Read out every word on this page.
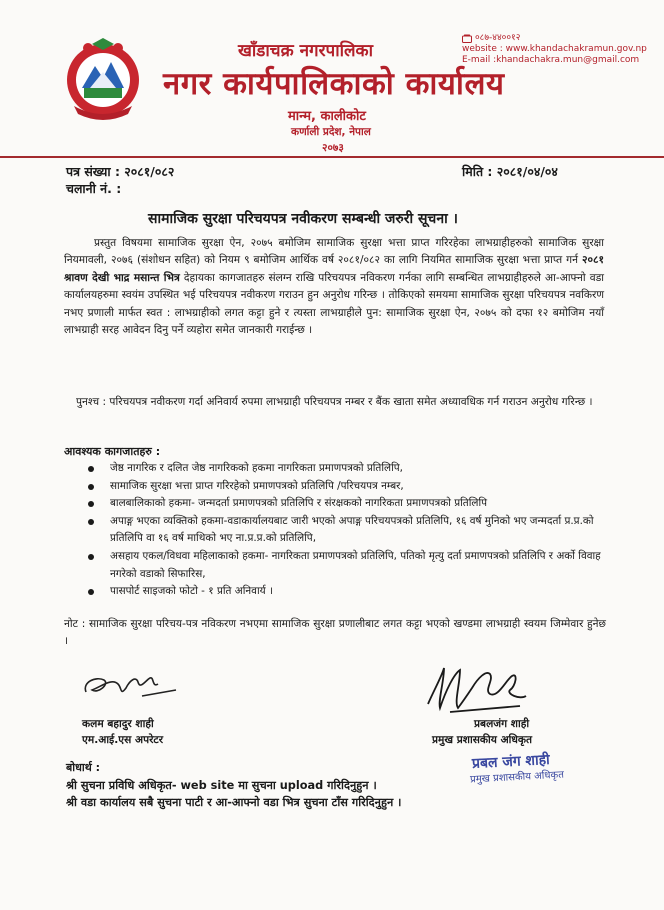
खाँडाचक्र नगरपालिका
नगर कार्यपालिकाको कार्यालय
मान्म, कालीकोट
कर्णाली प्रदेश, नेपाल
२०७३
०८७-४४००१२
website : www.khandachakramun.gov.np
E-mail :khandachakra.mun@gmail.com
पत्र संख्या : २०८१/०८२
चलानी नं. :
मिति : २०८१/०४/०४
सामाजिक सुरक्षा परिचयपत्र नवीकरण सम्बन्धी जरुरी सूचना ।
प्रस्तुत विषयमा सामाजिक सुरक्षा ऐन, २०७५ बमोजिम सामाजिक सुरक्षा भत्ता प्राप्त गरिरहेका लाभग्राहीहरुको सामाजिक सुरक्षा नियमावली, २०७६ (संशोधन सहित) को नियम ९ बमोजिम आर्थिक वर्ष २०८१/०८२ का लागि नियमित सामाजिक सुरक्षा भत्ता प्राप्त गर्न २०८१ श्रावण देखी भाद्र मसान्त भित्र देहायका कागजातहरु संलग्न राखि परिचयपत्र नविकरण गर्नका लागि सम्बन्धित लाभग्राहीहरुले आ-आफ्नो वडा कार्यालयहरुमा स्वयंम उपस्थित भई परिचयपत्र नवीकरण गराउन हुन अनुरोध गरिन्छ । तोकिएको समयमा सामाजिक सुरक्षा परिचयपत्र नवकिरण नभए प्रणाली मार्फत स्वत : लाभग्राहीको लगत कट्टा हुने र त्यस्ता लाभग्राहीले पुन: सामाजिक सुरक्षा ऐन, २०७५ को दफा १२ बमोजिम नयाँ लाभग्राही सरह आवेदन दिनु पर्ने व्यहोरा समेत जानकारी गराईन्छ ।
पुनश्च : परिचयपत्र नवीकरण गर्दा अनिवार्य रुपमा लाभग्राही परिचयपत्र नम्बर र बैंक खाता समेत अध्यावधिक गर्न गराउन अनुरोध गरिन्छ ।
आवश्यक कागजातहरु :
जेष्ठ नागरिक र दलित जेष्ठ नागरिकको हकमा नागरिकता प्रमाणपत्रको प्रतिलिपि,
सामाजिक सुरक्षा भत्ता प्राप्त गरिरहेको प्रमाणपत्रको प्रतिलिपि /परिचयपत्र नम्बर,
बालबालिकाको हकमा- जन्मदर्ता प्रमाणपत्रको प्रतिलिपि र संरक्षकको नागरिकता प्रमाणपत्रको प्रतिलिपि
अपाङ्ग भएका व्यक्तिको हकमा-वडाकार्यालयबाट जारी भएको अपाङ्ग परिचयपत्रको प्रतिलिपि, १६ वर्ष मुनिको भए जन्मदर्ता प्र.प्र.को प्रतिलिपि वा १६ वर्ष माथिको भए ना.प्र.प्र.को प्रतिलिपि,
असहाय एकल/विधवा महिलाकाको हकमा- नागरिकता प्रमाणपत्रको प्रतिलिपि, पतिको मृत्यु दर्ता प्रमाणपत्रको प्रतिलिपि र अर्को विवाह नगरेको वडाको सिफारिस,
पासपोर्ट साइजको फोटो - १ प्रति अनिवार्य ।
नोट : सामाजिक सुरक्षा परिचय-पत्र नविकरण नभएमा सामाजिक सुरक्षा प्रणालीबाट लगत कट्टा भएको खण्डमा लाभग्राही स्वयम जिम्मेवार हुनेछ ।
कलम बहादुर शाही
एम.आई.एस अपरेटर
प्रबलजंग शाही
प्रमुख प्रशासकीय अधिकृत
प्रबल जंग शाही
प्रमुख प्रशासकीय अधिकृत
बोधार्थ :
श्री सुचना प्रविधि अधिकृत- web site मा सुचना upload गरिदिनुहुन ।
श्री वडा कार्यालय सबै सुचना पाटी र आ-आफ्नो वडा भित्र सुचना टाँस गरिदिनुहुन ।
